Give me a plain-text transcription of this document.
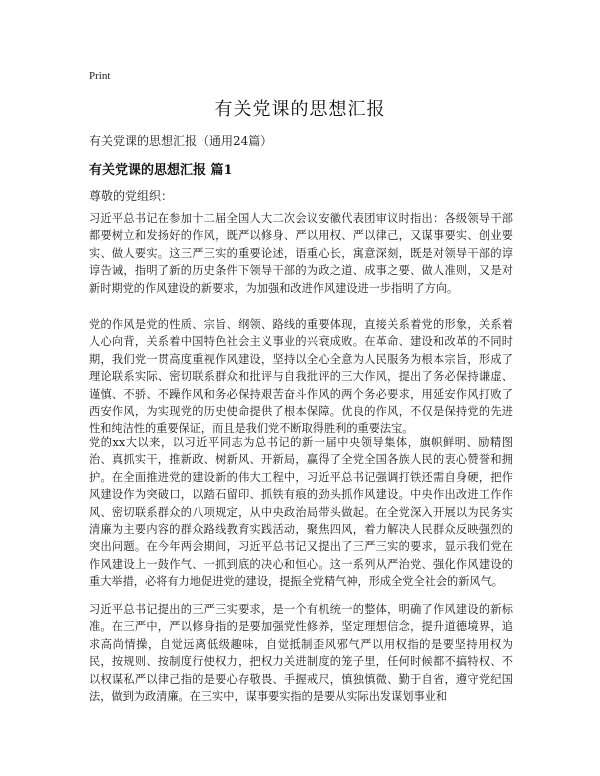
Print
有关党课的思想汇报
有关党课的思想汇报（通用24篇）
有关党课的思想汇报 篇1
尊敬的党组织：
习近平总书记在参加十二届全国人大二次会议安徽代表团审议时指出：各级领导干部都要树立和发扬好的作风，既严以修身、严以用权、严以律己，又谋事要实、创业要实、做人要实。这三严三实的重要论述，语重心长，寓意深刻，既是对领导干部的谆谆告诫，指明了新的历史条件下领导干部的为政之道、成事之要、做人准则，又是对新时期党的作风建设的新要求，为加强和改进作风建设进一步指明了方向。
党的作风是党的性质、宗旨、纲领、路线的重要体现，直接关系着党的形象，关系着人心向背，关系着中国特色社会主义事业的兴衰成败。在革命、建设和改革的不同时期，我们党一贯高度重视作风建设，坚持以全心全意为人民服务为根本宗旨，形成了理论联系实际、密切联系群众和批评与自我批评的三大作风，提出了务必保持谦虚、谨慎、不骄、不躁作风和务必保持艰苦奋斗作风的两个务必要求，用延安作风打败了西安作风，为实现党的历史使命提供了根本保障。优良的作风，不仅是保持党的先进性和纯洁性的重要保证，而且是我们党不断取得胜利的重要法宝。
党的xx大以来，以习近平同志为总书记的新一届中央领导集体，旗帜鲜明、励精图治、真抓实干，推新政、树新风、开新局，赢得了全党全国各族人民的衷心赞誉和拥护。在全面推进党的建设新的伟大工程中，习近平总书记强调打铁还需自身硬，把作风建设作为突破口，以踏石留印、抓铁有痕的劲头抓作风建设。中央作出改进工作作风、密切联系群众的八项规定，从中央政治局带头做起。在全党深入开展以为民务实清廉为主要内容的群众路线教育实践活动，聚焦四风，着力解决人民群众反映强烈的突出问题。在今年两会期间，习近平总书记又提出了三严三实的要求，显示我们党在作风建设上一鼓作气、一抓到底的决心和恒心。这一系列从严治党、强化作风建设的重大举措，必将有力地促进党的建设，提振全党精气神，形成全党全社会的新风气。
习近平总书记提出的三严三实要求，是一个有机统一的整体，明确了作风建设的新标准。在三严中，严以修身指的是要加强党性修养，坚定理想信念，提升道德境界，追求高尚情操，自觉远离低级趣味，自觉抵制歪风邪气严以用权指的是要坚持用权为民，按规则、按制度行使权力，把权力关进制度的笼子里，任何时候都不搞特权、不以权谋私严以律己指的是要心存敬畏、手握戒尺，慎独慎微、勤于自省，遵守党纪国法，做到为政清廉。在三实中，谋事要实指的是要从实际出发谋划事业和
